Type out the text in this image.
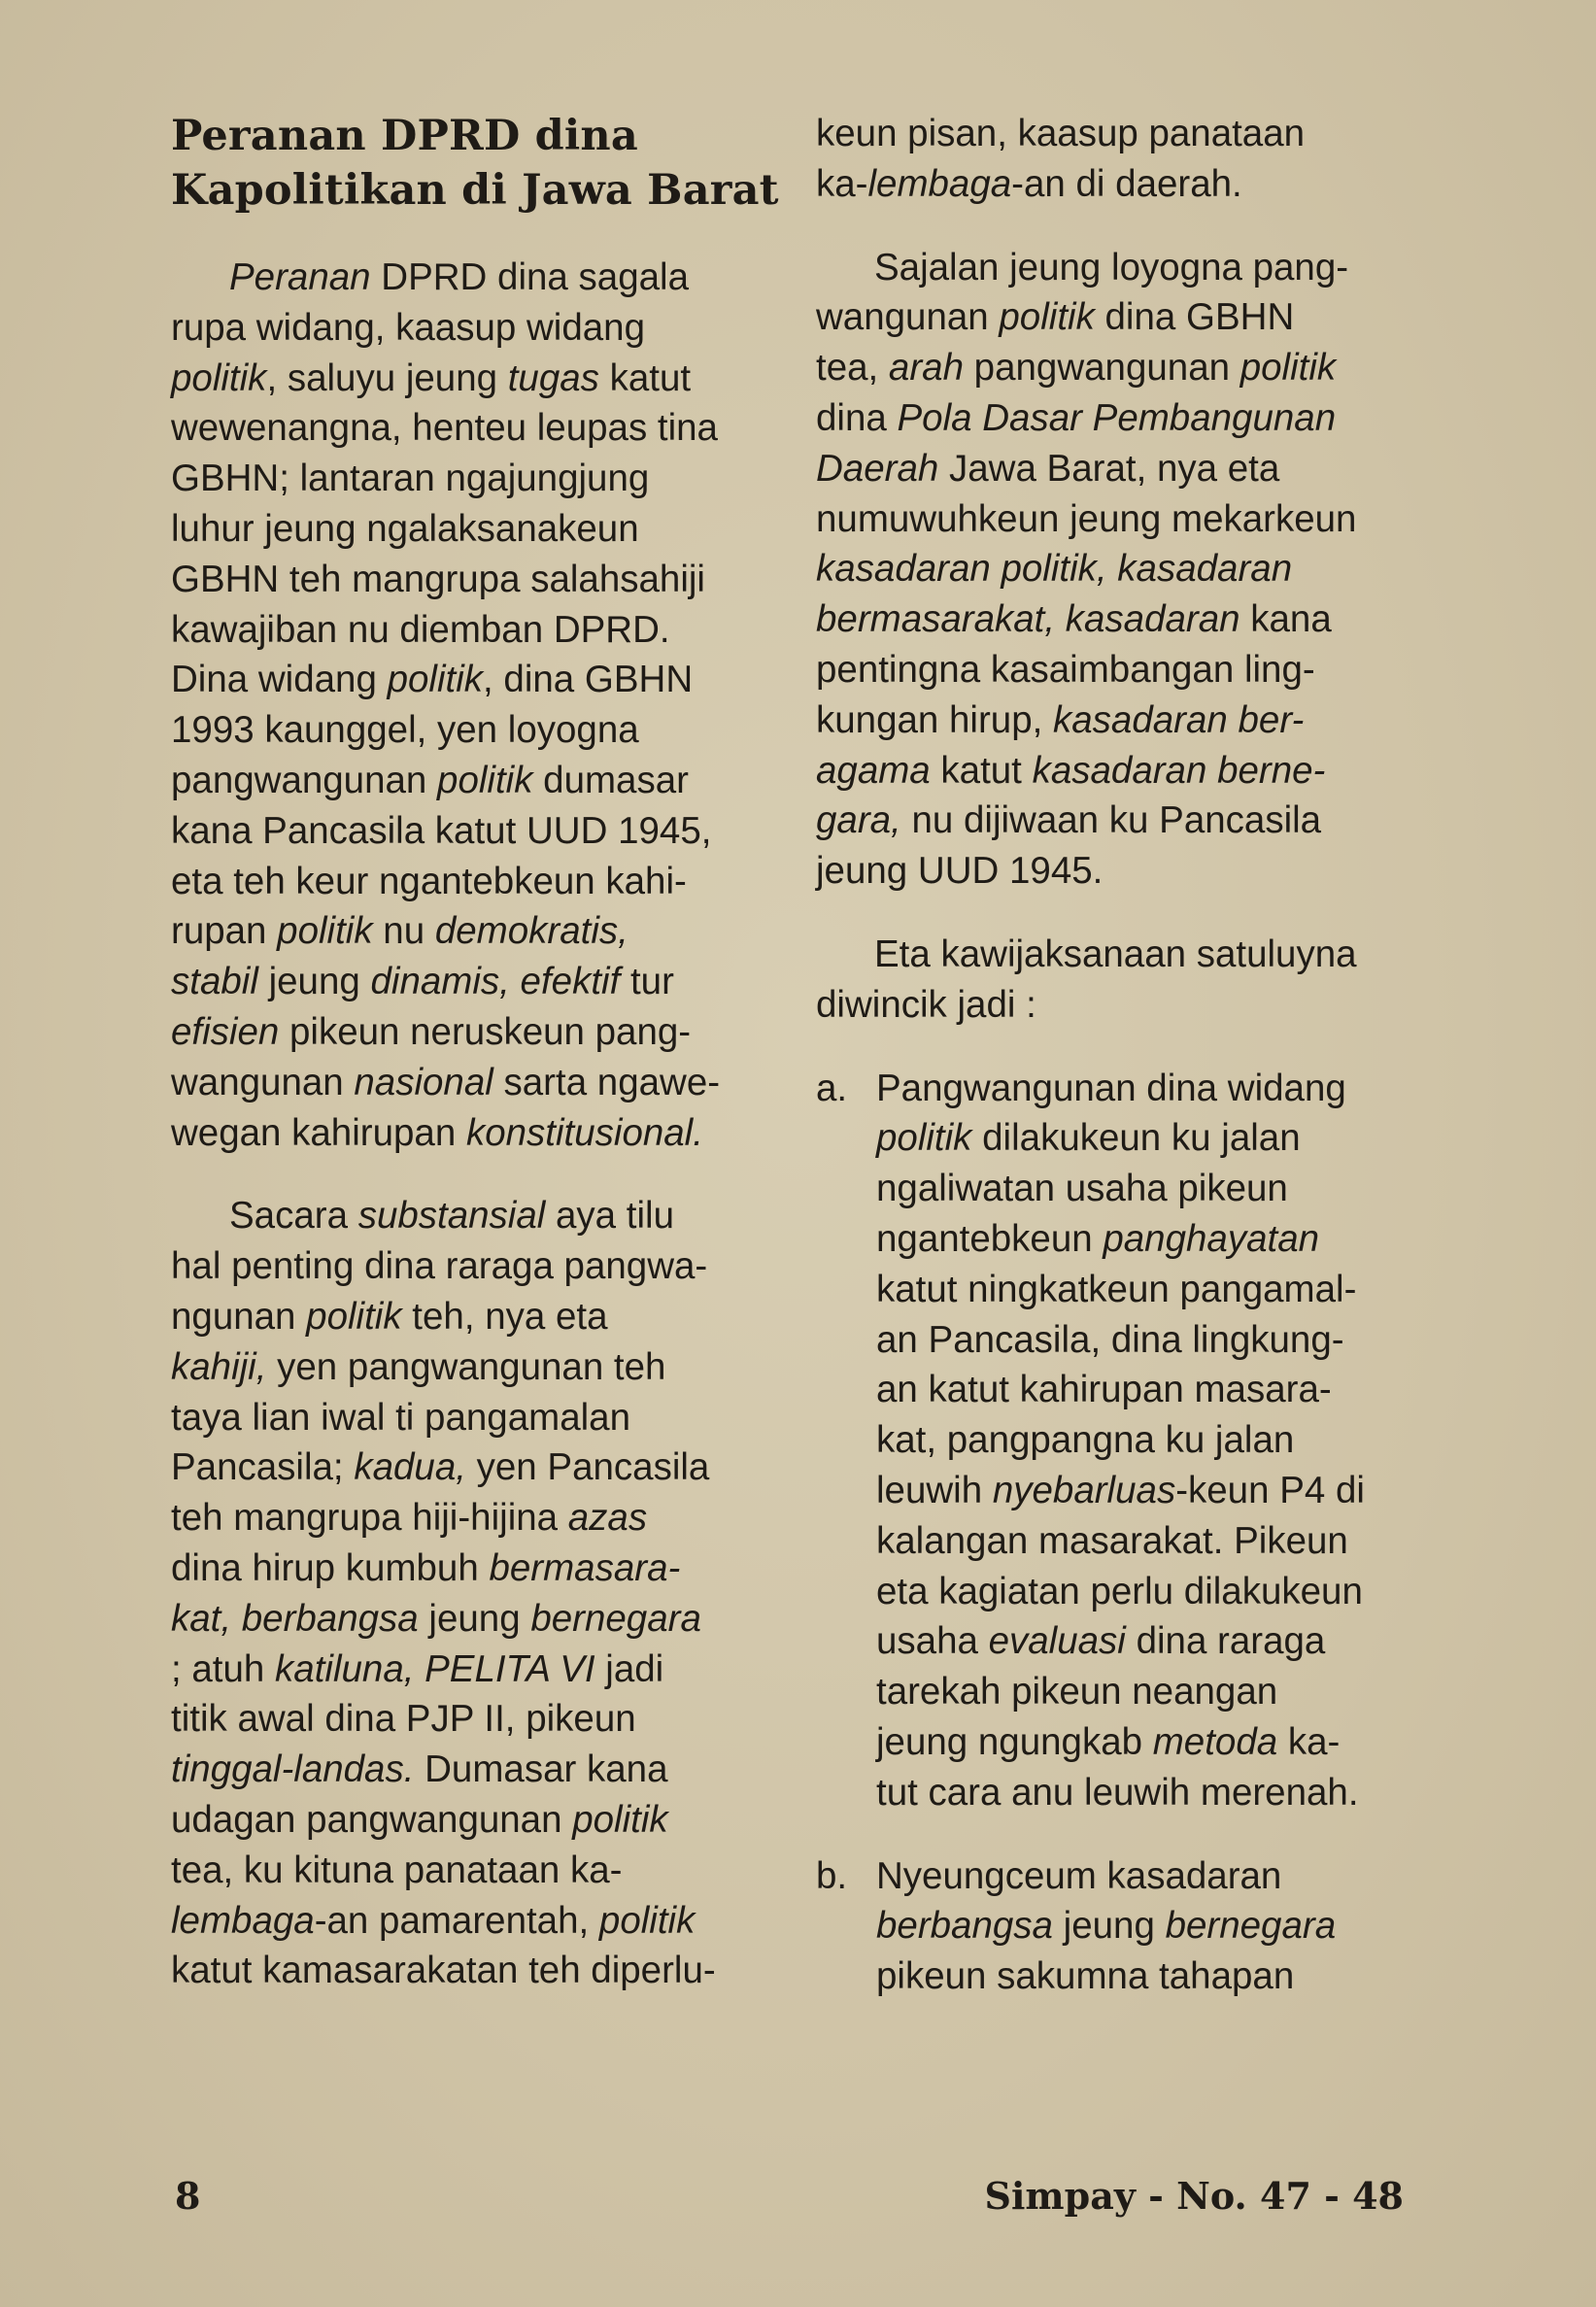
Peranan DPRD dina
Kapolitikan di Jawa Barat
Peranan DPRD dina sagala
rupa widang, kaasup widang
politik, saluyu jeung tugas katut
wewenangna, henteu leupas tina
GBHN; lantaran ngajungjung
luhur jeung ngalaksanakeun
GBHN teh mangrupa salahsahiji
kawajiban nu diemban DPRD.
Dina widang politik, dina GBHN
1993 kaunggel, yen loyogna
pangwangunan politik dumasar
kana Pancasila katut UUD 1945,
eta teh keur ngantebkeun kahi-
rupan politik nu demokratis,
stabil jeung dinamis, efektif tur
efisien pikeun neruskeun pang-
wangunan nasional sarta ngawe-
wegan kahirupan konstitusional.
Sacara substansial aya tilu
hal penting dina raraga pangwa-
ngunan politik teh, nya eta
kahiji, yen pangwangunan teh
taya lian iwal ti pangamalan
Pancasila; kadua, yen Pancasila
teh mangrupa hiji-hijina azas
dina hirup kumbuh bermasara-
kat, berbangsa jeung bernegara
; atuh katiluna, PELITA VI jadi
titik awal dina PJP II, pikeun
tinggal-landas. Dumasar kana
udagan pangwangunan politik
tea, ku kituna panataan ka-
lembaga-an pamarentah, politik
katut kamasarakatan teh diperlu-
keun pisan, kaasup panataan
ka-lembaga-an di daerah.
Sajalan jeung loyogna pang-
wangunan politik dina GBHN
tea, arah pangwangunan politik
dina Pola Dasar Pembangunan
Daerah Jawa Barat, nya eta
numuwuhkeun jeung mekarkeun
kasadaran politik, kasadaran
bermasarakat, kasadaran kana
pentingna kasaimbangan ling-
kungan hirup, kasadaran ber-
agama katut kasadaran berne-
gara, nu dijiwaan ku Pancasila
jeung UUD 1945.
Eta kawijaksanaan satuluyna
diwincik jadi :
a. Pangwangunan dina widang
politik dilakukeun ku jalan
ngaliwatan usaha pikeun
ngantebkeun panghayatan
katut ningkatkeun pangamal-
an Pancasila, dina lingkung-
an katut kahirupan masara-
kat, pangpangna ku jalan
leuwih nyebarluas-keun P4 di
kalangan masarakat. Pikeun
eta kagiatan perlu dilakukeun
usaha evaluasi dina raraga
tarekah pikeun neangan
jeung ngungkab metoda ka-
tut cara anu leuwih merenah.
b. Nyeungceum kasadaran
berbangsa jeung bernegara
pikeun sakumna tahapan
8	Simpay - No. 47 - 48
